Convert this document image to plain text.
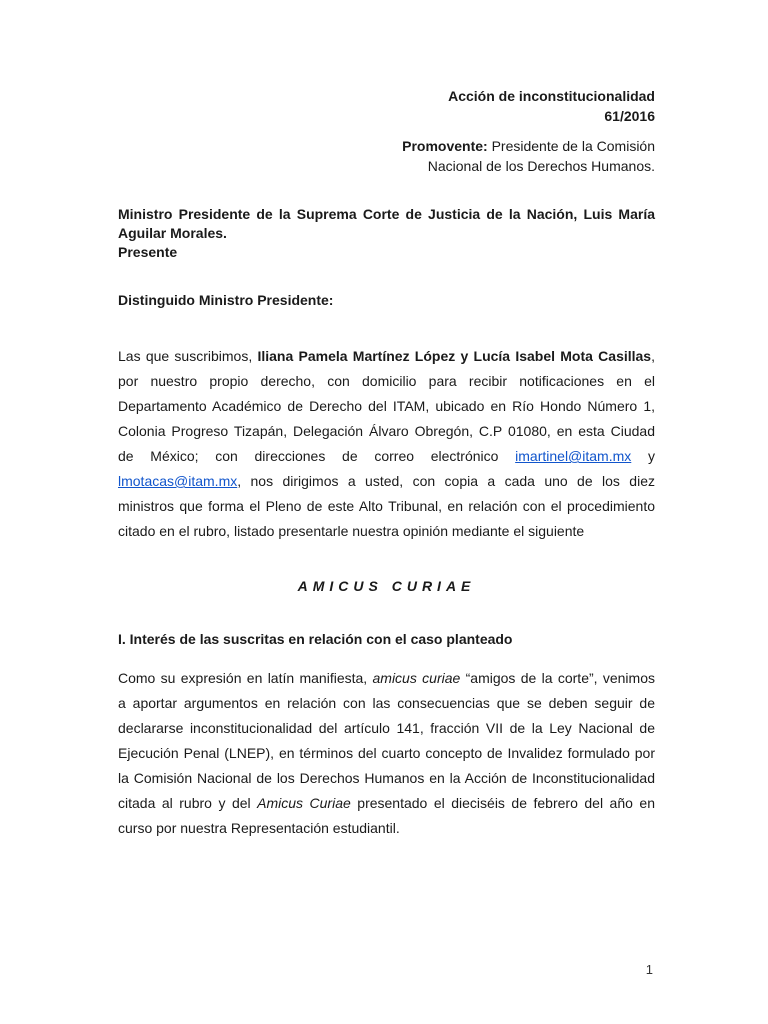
Acción de inconstitucionalidad
61/2016
Promovente: Presidente de la Comisión
Nacional de los Derechos Humanos.
Ministro Presidente de la Suprema Corte de Justicia de la Nación, Luis María
Aguilar Morales.
Presente
Distinguido Ministro Presidente:
Las que suscribimos, Iliana Pamela Martínez López y Lucía Isabel Mota Casillas,
por nuestro propio derecho, con domicilio para recibir notificaciones en el
Departamento Académico de Derecho del ITAM, ubicado en Río Hondo Número 1,
Colonia Progreso Tizapán, Delegación Álvaro Obregón, C.P 01080, en esta Ciudad
de México; con direcciones de correo electrónico imartinel@itam.mx y
lmotacas@itam.mx, nos dirigimos a usted, con copia a cada uno de los diez
ministros que forma el Pleno de este Alto Tribunal, en relación con el procedimiento
citado en el rubro, listado presentarle nuestra opinión mediante el siguiente
AMICUS CURIAE
I. Interés de las suscritas en relación con el caso planteado
Como su expresión en latín manifiesta, amicus curiae “amigos de la corte”, venimos
a aportar argumentos en relación con las consecuencias que se deben seguir de
declararse inconstitucionalidad del artículo 141, fracción VII de la Ley Nacional de
Ejecución Penal (LNEP), en términos del cuarto concepto de Invalidez formulado por
la Comisión Nacional de los Derechos Humanos en la Acción de Inconstitucionalidad
citada al rubro y del Amicus Curiae presentado el dieciséis de febrero del año en
curso por nuestra Representación estudiantil.
1
